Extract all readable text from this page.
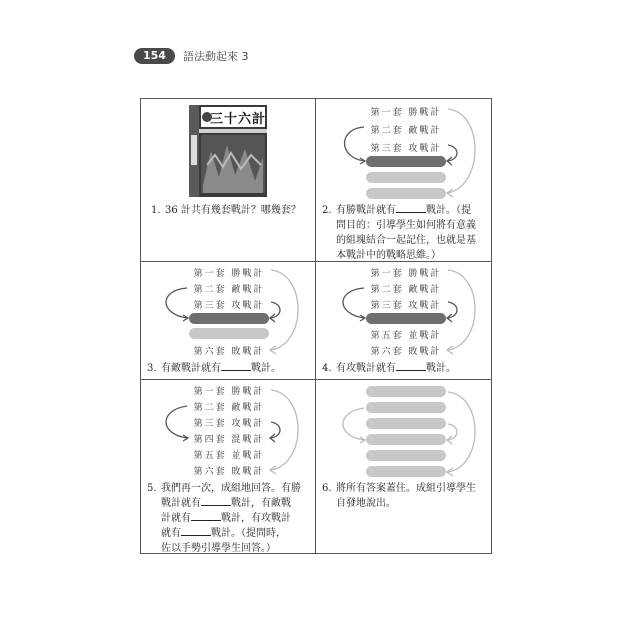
154	語法動起來 3
三十六計
1. 36 計共有幾套戰計？哪幾套？
第一套 勝戰計
第二套 敵戰計
第三套 攻戰計
2. 有勝戰計就有	戰計。（提
問目的：引導學生如何將有意義
的組塊結合一起記住，也就是基
本戰計中的戰略思維。）
第一套 勝戰計
第二套 敵戰計
第三套 攻戰計
第六套 敗戰計
3. 有敵戰計就有	戰計。
第一套 勝戰計
第二套 敵戰計
第三套 攻戰計
第五套 並戰計
第六套 敗戰計
4. 有攻戰計就有	戰計。
第一套 勝戰計
第二套 敵戰計
第三套 攻戰計
第四套 混戰計
第五套 並戰計
第六套 敗戰計
5. 我們再一次，成組地回答。有勝
戰計就有	戰計，有敵戰
計就有	戰計，有攻戰計
就有	戰計。（提問時，
佐以手勢引導學生回答。）
6. 將所有答案蓋住。成組引導學生
自發地說出。
